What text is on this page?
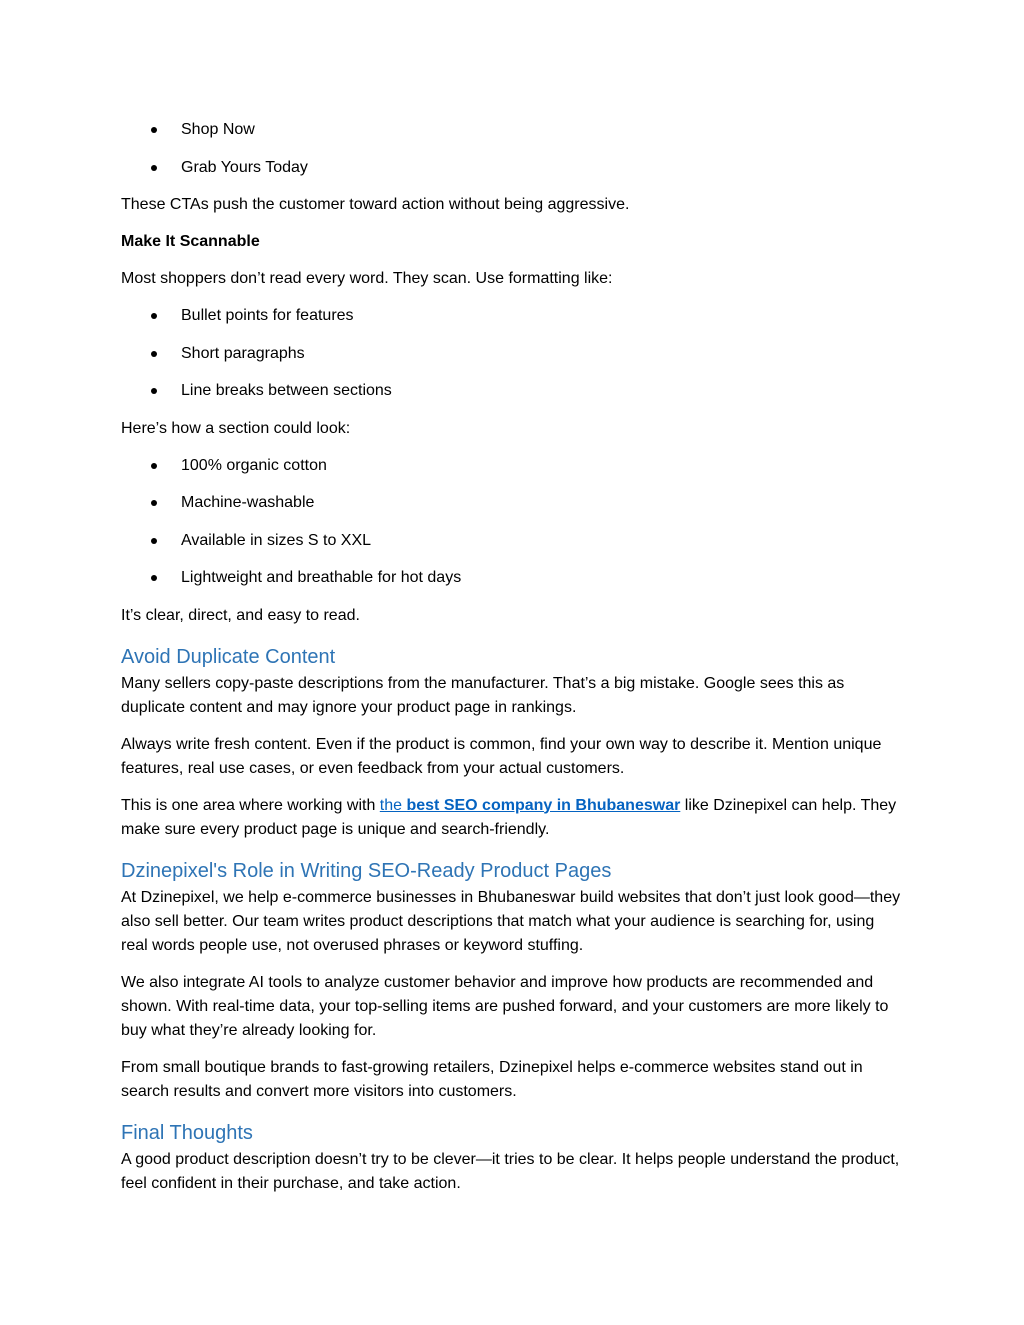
Shop Now
Grab Yours Today

These CTAs push the customer toward action without being aggressive.

Make It Scannable

Most shoppers don’t read every word. They scan. Use formatting like:

Bullet points for features
Short paragraphs
Line breaks between sections

Here’s how a section could look:

100% organic cotton
Machine-washable
Available in sizes S to XXL
Lightweight and breathable for hot days

It’s clear, direct, and easy to read.

Avoid Duplicate Content

Many sellers copy-paste descriptions from the manufacturer. That’s a big mistake. Google sees this as duplicate content and may ignore your product page in rankings.

Always write fresh content. Even if the product is common, find your own way to describe it. Mention unique features, real use cases, or even feedback from your actual customers.

This is one area where working with the best SEO company in Bhubaneswar like Dzinepixel can help. They make sure every product page is unique and search-friendly.

Dzinepixel's Role in Writing SEO-Ready Product Pages

At Dzinepixel, we help e-commerce businesses in Bhubaneswar build websites that don’t just look good—they also sell better. Our team writes product descriptions that match what your audience is searching for, using real words people use, not overused phrases or keyword stuffing.

We also integrate AI tools to analyze customer behavior and improve how products are recommended and shown. With real-time data, your top-selling items are pushed forward, and your customers are more likely to buy what they’re already looking for.

From small boutique brands to fast-growing retailers, Dzinepixel helps e-commerce websites stand out in search results and convert more visitors into customers.

Final Thoughts

A good product description doesn’t try to be clever—it tries to be clear. It helps people understand the product, feel confident in their purchase, and take action.
